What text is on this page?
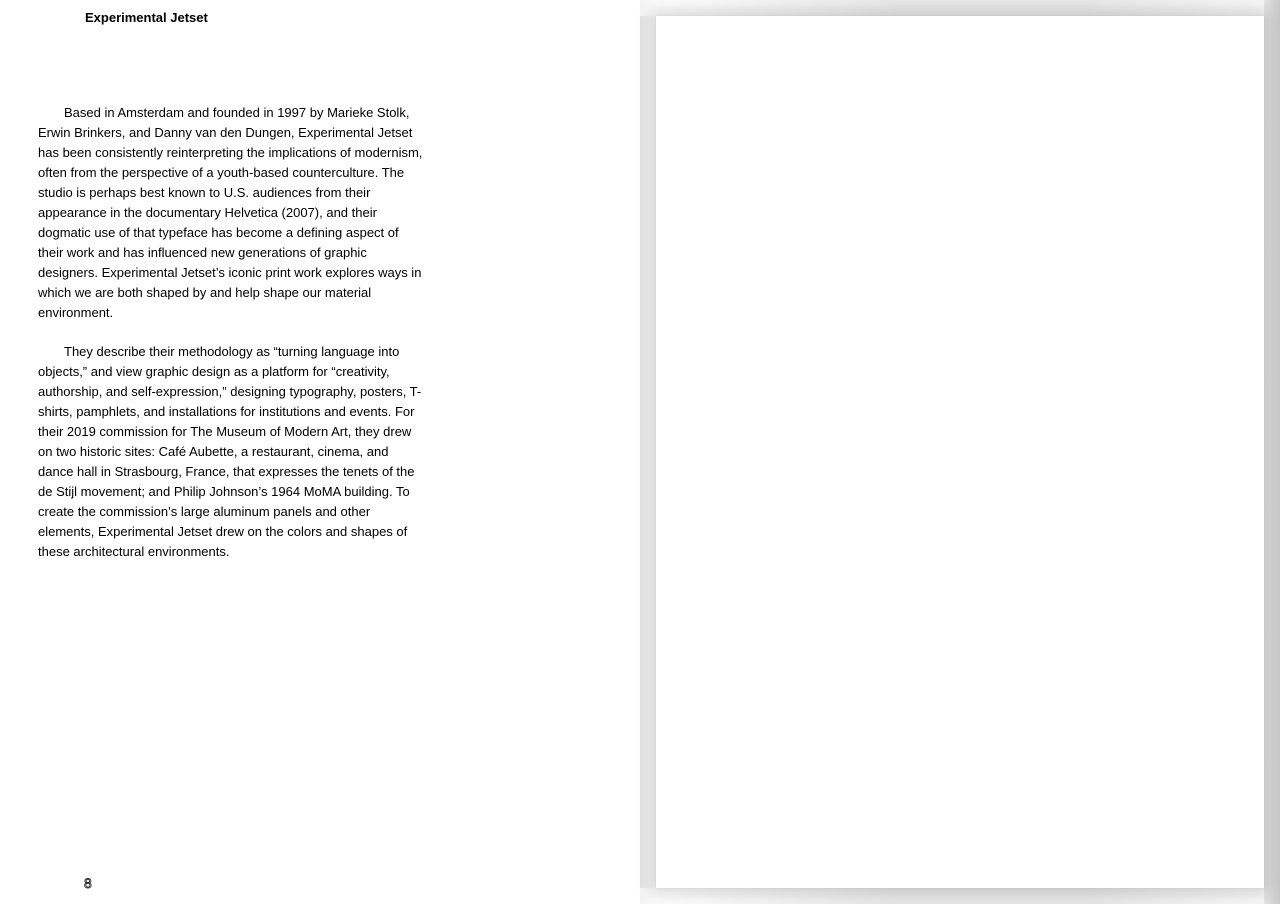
Experimental Jetset

Based in Amsterdam and founded in 1997 by Marieke Stolk, Erwin Brinkers, and Danny van den Dungen, Experimental Jetset has been consistently reinterpreting the implications of modernism, often from the perspective of a youth-based counterculture. The studio is perhaps best known to U.S. audiences from their appearance in the documentary Helvetica (2007), and their dogmatic use of that typeface has become a defining aspect of their work and has influenced new generations of graphic designers. Experimental Jetset’s iconic print work explores ways in which we are both shaped by and help shape our material environment.

They describe their methodology as “turning language into objects,” and view graphic design as a platform for “creativity, authorship, and self-expression,” designing typography, posters, T-shirts, pamphlets, and installations for institutions and events. For their 2019 commission for The Museum of Modern Art, they drew on two historic sites: Café Aubette, a restaurant, cinema, and dance hall in Strasbourg, France, that expresses the tenets of the de Stijl movement; and Philip Johnson’s 1964 MoMA building. To create the commission’s large aluminum panels and other elements, Experimental Jetset drew on the colors and shapes of these architectural environments.

8
